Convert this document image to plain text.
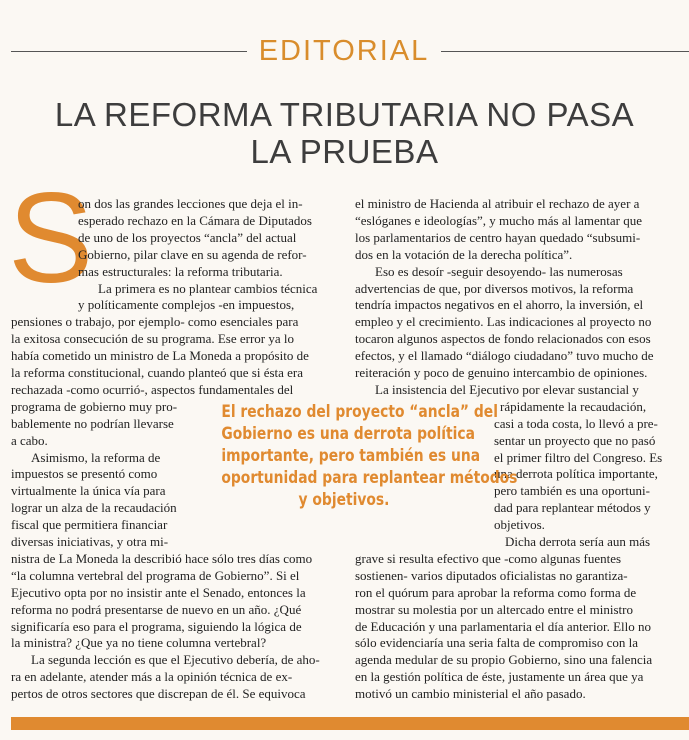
EDITORIAL
LA REFORMA TRIBUTARIA NO PASA
LA PRUEBA
S
on dos las grandes lecciones que deja el in-
esperado rechazo en la Cámara de Diputados
de uno de los proyectos “ancla” del actual
Gobierno, pilar clave en su agenda de refor-
mas estructurales: la reforma tributaria.
La primera es no plantear cambios técnica
y políticamente complejos -en impuestos,
pensiones o trabajo, por ejemplo- como esenciales para
la exitosa consecución de su programa. Ese error ya lo
había cometido un ministro de La Moneda a propósito de
la reforma constitucional, cuando planteó que si ésta era
rechazada -como ocurrió-, aspectos fundamentales del
programa de gobierno muy pro-
bablemente no podrían llevarse
a cabo.
Asimismo, la reforma de
impuestos se presentó como
virtualmente la única vía para
lograr un alza de la recaudación
fiscal que permitiera financiar
diversas iniciativas, y otra mi-
nistra de La Moneda la describió hace sólo tres días como
“la columna vertebral del programa de Gobierno”. Si el
Ejecutivo opta por no insistir ante el Senado, entonces la
reforma no podrá presentarse de nuevo en un año. ¿Qué
significaría eso para el programa, siguiendo la lógica de
la ministra? ¿Que ya no tiene columna vertebral?
La segunda lección es que el Ejecutivo debería, de aho-
ra en adelante, atender más a la opinión técnica de ex-
pertos de otros sectores que discrepan de él. Se equivoca
el ministro de Hacienda al atribuir el rechazo de ayer a
“eslóganes e ideologías”, y mucho más al lamentar que
los parlamentarios de centro hayan quedado “subsumi-
dos en la votación de la derecha política”.
Eso es desoír -seguir desoyendo- las numerosas
advertencias de que, por diversos motivos, la reforma
tendría impactos negativos en el ahorro, la inversión, el
empleo y el crecimiento. Las indicaciones al proyecto no
tocaron algunos aspectos de fondo relacionados con esos
efectos, y el llamado “diálogo ciudadano” tuvo mucho de
reiteración y poco de genuino intercambio de opiniones.
La insistencia del Ejecutivo por elevar sustancial y
rápidamente la recaudación,
casi a toda costa, lo llevó a pre-
sentar un proyecto que no pasó
el primer filtro del Congreso. Es
una derrota política importante,
pero también es una oportuni-
dad para replantear métodos y
objetivos.
Dicha derrota sería aun más
grave si resulta efectivo que -como algunas fuentes
sostienen- varios diputados oficialistas no garantiza-
ron el quórum para aprobar la reforma como forma de
mostrar su molestia por un altercado entre el ministro
de Educación y una parlamentaria el día anterior. Ello no
sólo evidenciaría una seria falta de compromiso con la
agenda medular de su propio Gobierno, sino una falencia
en la gestión política de éste, justamente un área que ya
motivó un cambio ministerial el año pasado.
El rechazo del proyecto “ancla” del
Gobierno es una derrota política
importante, pero también es una
oportunidad para replantear métodos
y objetivos.
